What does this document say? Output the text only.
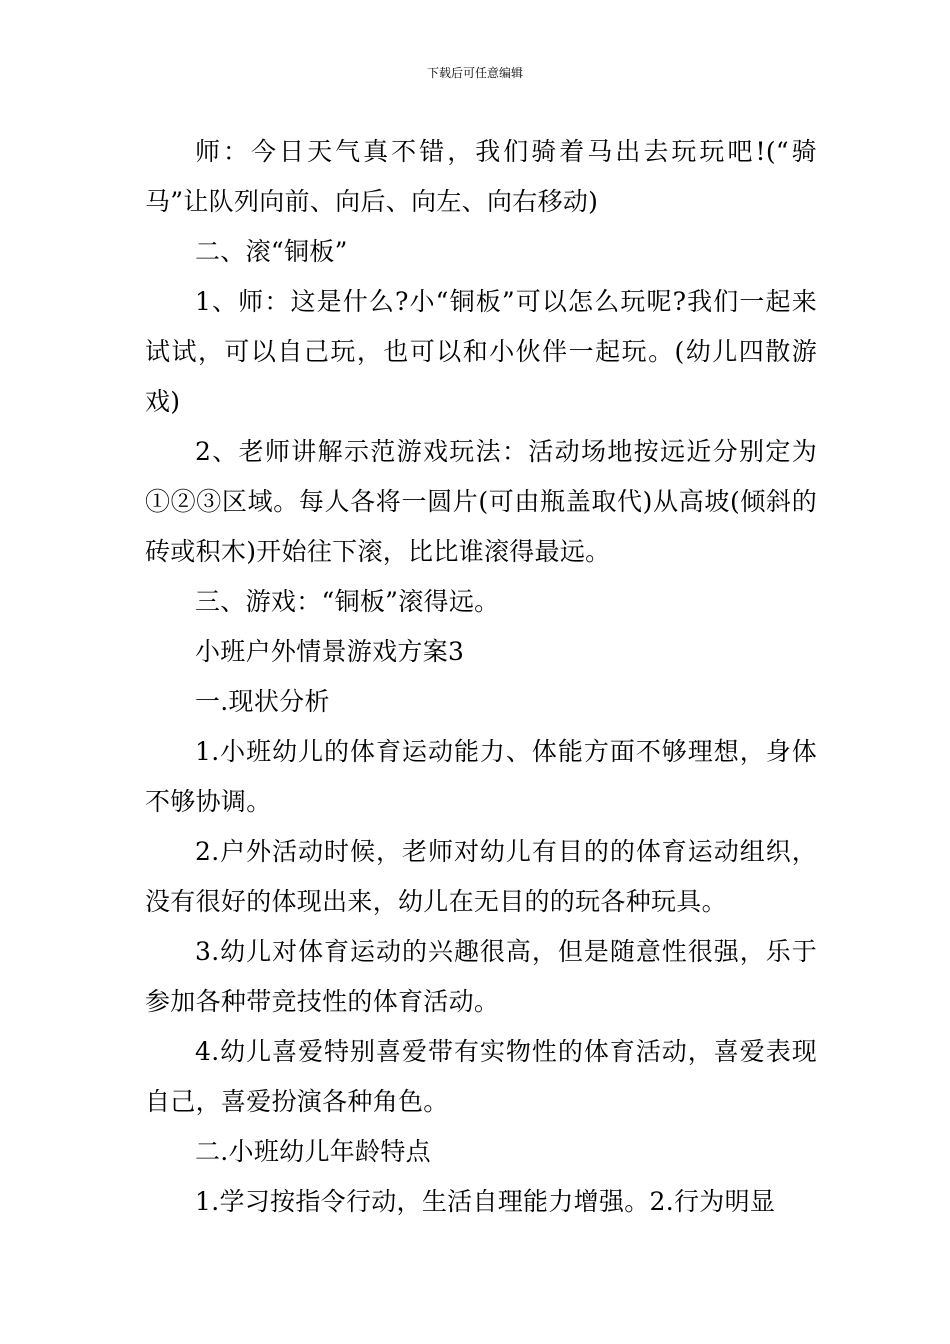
下载后可任意编辑

师：今日天气真不错，我们骑着马出去玩玩吧!(“骑马”让队列向前、向后、向左、向右移动)

二、滚“铜板”

1、师：这是什么?小“铜板”可以怎么玩呢?我们一起来试试，可以自己玩，也可以和小伙伴一起玩。(幼儿四散游戏)

2、老师讲解示范游戏玩法：活动场地按远近分别定为①②③区域。每人各将一圆片(可由瓶盖取代)从高坡(倾斜的砖或积木)开始往下滚，比比谁滚得最远。

三、游戏：“铜板”滚得远。

小班户外情景游戏方案3

一.现状分析

1.小班幼儿的体育运动能力、体能方面不够理想，身体不够协调。

2.户外活动时候，老师对幼儿有目的的体育运动组织，没有很好的体现出来，幼儿在无目的的玩各种玩具。

3.幼儿对体育运动的兴趣很高，但是随意性很强，乐于参加各种带竞技性的体育活动。

4.幼儿喜爱特别喜爱带有实物性的体育活动，喜爱表现自己，喜爱扮演各种角色。

二.小班幼儿年龄特点

1.学习按指令行动，生活自理能力增强。2.行为明显
